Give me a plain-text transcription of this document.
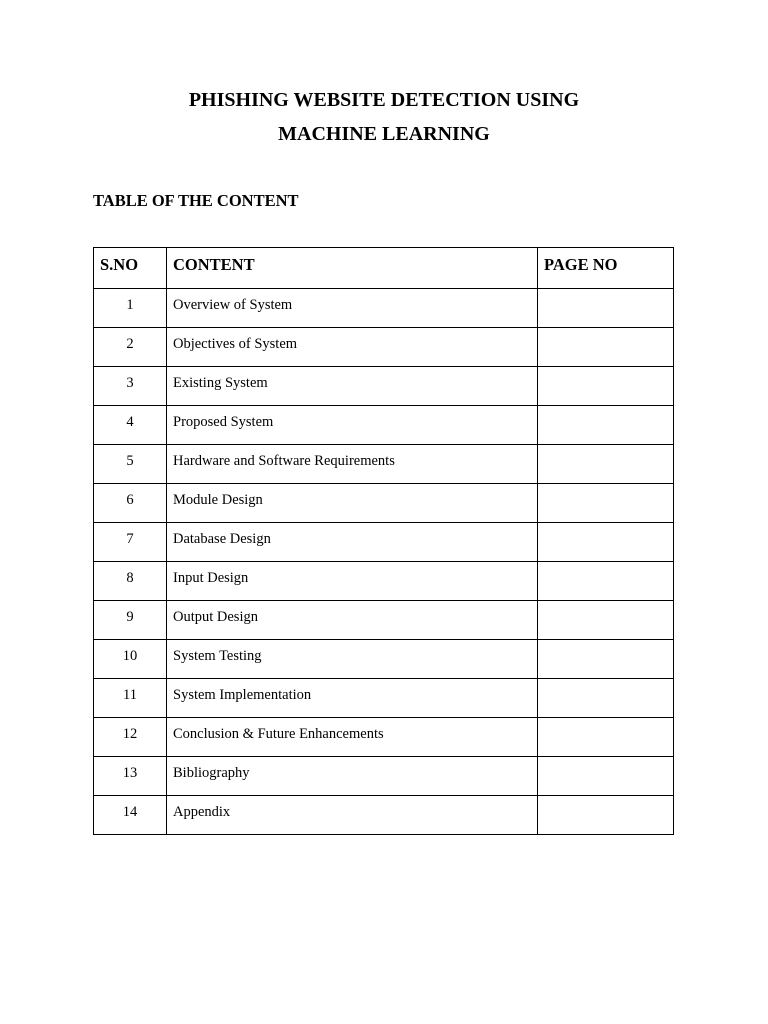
PHISHING WEBSITE DETECTION USING
MACHINE LEARNING
TABLE OF THE CONTENT
S.NO	CONTENT	PAGE NO
1	Overview of System	
2	Objectives of System	
3	Existing System	
4	Proposed System	
5	Hardware and Software Requirements	
6	Module Design	
7	Database Design	
8	Input Design	
9	Output Design	
10	System Testing	
11	System Implementation	
12	Conclusion & Future Enhancements	
13	Bibliography	
14	Appendix	
